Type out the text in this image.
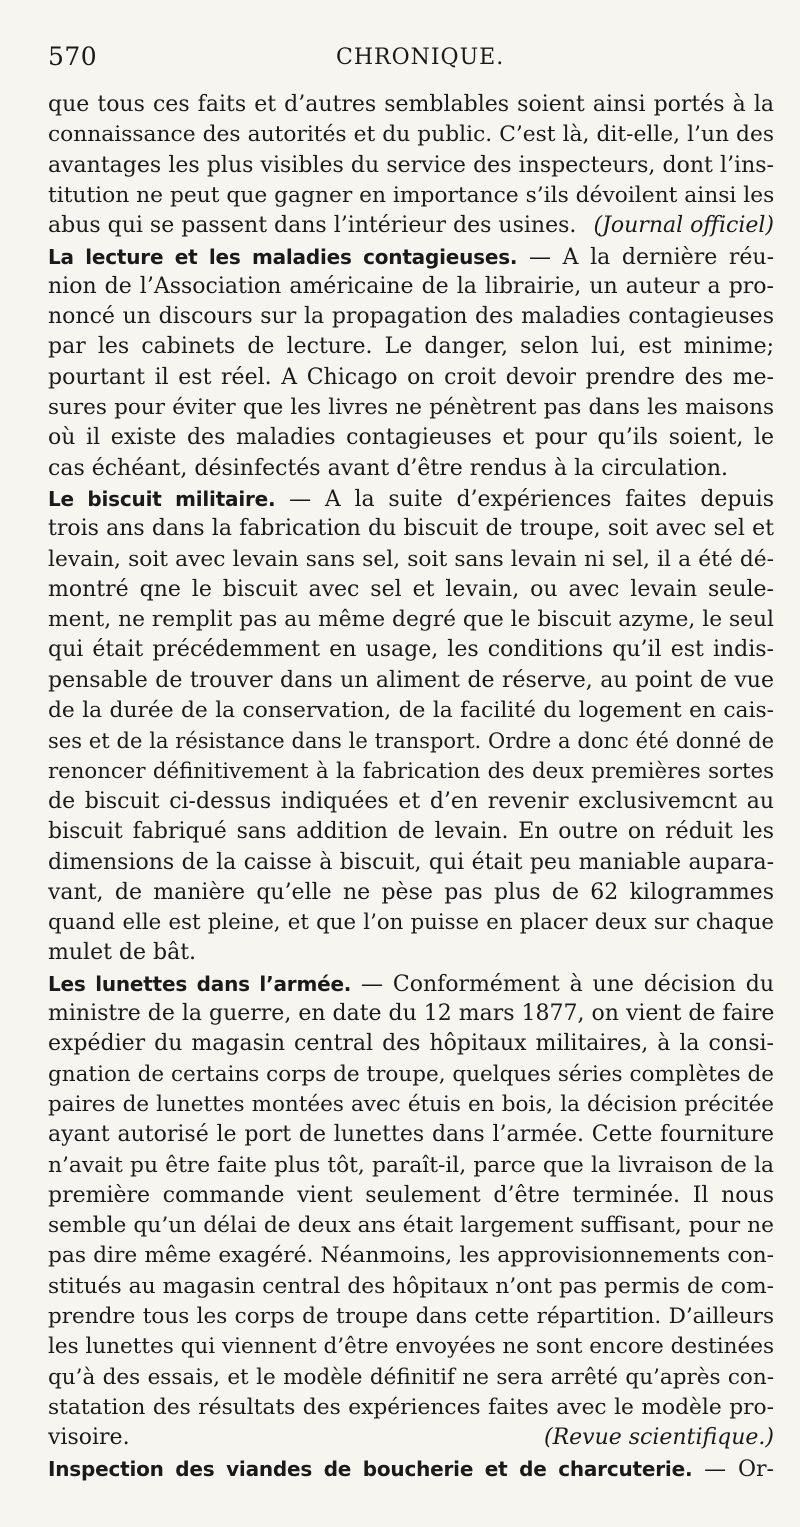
570	CHRONIQUE.
que tous ces faits et d’autres semblables soient ainsi portés à la
connaissance des autorités et du public. C’est là, dit-elle, l’un des
avantages les plus visibles du service des inspecteurs, dont l’ins-
titution ne peut que gagner en importance s’ils dévoilent ainsi les
abus qui se passent dans l’intérieur des usines. (Journal officiel)
La lecture et les maladies contagieuses. — A la dernière réu-
nion de l’Association américaine de la librairie, un auteur a pro-
noncé un discours sur la propagation des maladies contagieuses
par les cabinets de lecture. Le danger, selon lui, est minime;
pourtant il est réel. A Chicago on croit devoir prendre des me-
sures pour éviter que les livres ne pénètrent pas dans les maisons
où il existe des maladies contagieuses et pour qu’ils soient, le
cas échéant, désinfectés avant d’être rendus à la circulation.
Le biscuit militaire. — A la suite d’expériences faites depuis
trois ans dans la fabrication du biscuit de troupe, soit avec sel et
levain, soit avec levain sans sel, soit sans levain ni sel, il a été dé-
montré qne le biscuit avec sel et levain, ou avec levain seule-
ment, ne remplit pas au même degré que le biscuit azyme, le seul
qui était précédemment en usage, les conditions qu’il est indis-
pensable de trouver dans un aliment de réserve, au point de vue
de la durée de la conservation, de la facilité du logement en cais-
ses et de la résistance dans le transport. Ordre a donc été donné de
renoncer définitivement à la fabrication des deux premières sortes
de biscuit ci-dessus indiquées et d’en revenir exclusivemcnt au
biscuit fabriqué sans addition de levain. En outre on réduit les
dimensions de la caisse à biscuit, qui était peu maniable aupara-
vant, de manière qu’elle ne pèse pas plus de 62 kilogrammes
quand elle est pleine, et que l’on puisse en placer deux sur chaque
mulet de bât.
Les lunettes dans l’armée. — Conformément à une décision du
ministre de la guerre, en date du 12 mars 1877, on vient de faire
expédier du magasin central des hôpitaux militaires, à la consi-
gnation de certains corps de troupe, quelques séries complètes de
paires de lunettes montées avec étuis en bois, la décision précitée
ayant autorisé le port de lunettes dans l’armée. Cette fourniture
n’avait pu être faite plus tôt, paraît-il, parce que la livraison de la
première commande vient seulement d’être terminée. Il nous
semble qu’un délai de deux ans était largement suffisant, pour ne
pas dire même exagéré. Néanmoins, les approvisionnements con-
stitués au magasin central des hôpitaux n’ont pas permis de com-
prendre tous les corps de troupe dans cette répartition. D’ailleurs
les lunettes qui viennent d’être envoyées ne sont encore destinées
qu’à des essais, et le modèle définitif ne sera arrêté qu’après con-
statation des résultats des expériences faites avec le modèle pro-
visoire.	(Revue scientifique.)
Inspection des viandes de boucherie et de charcuterie. — Or-
